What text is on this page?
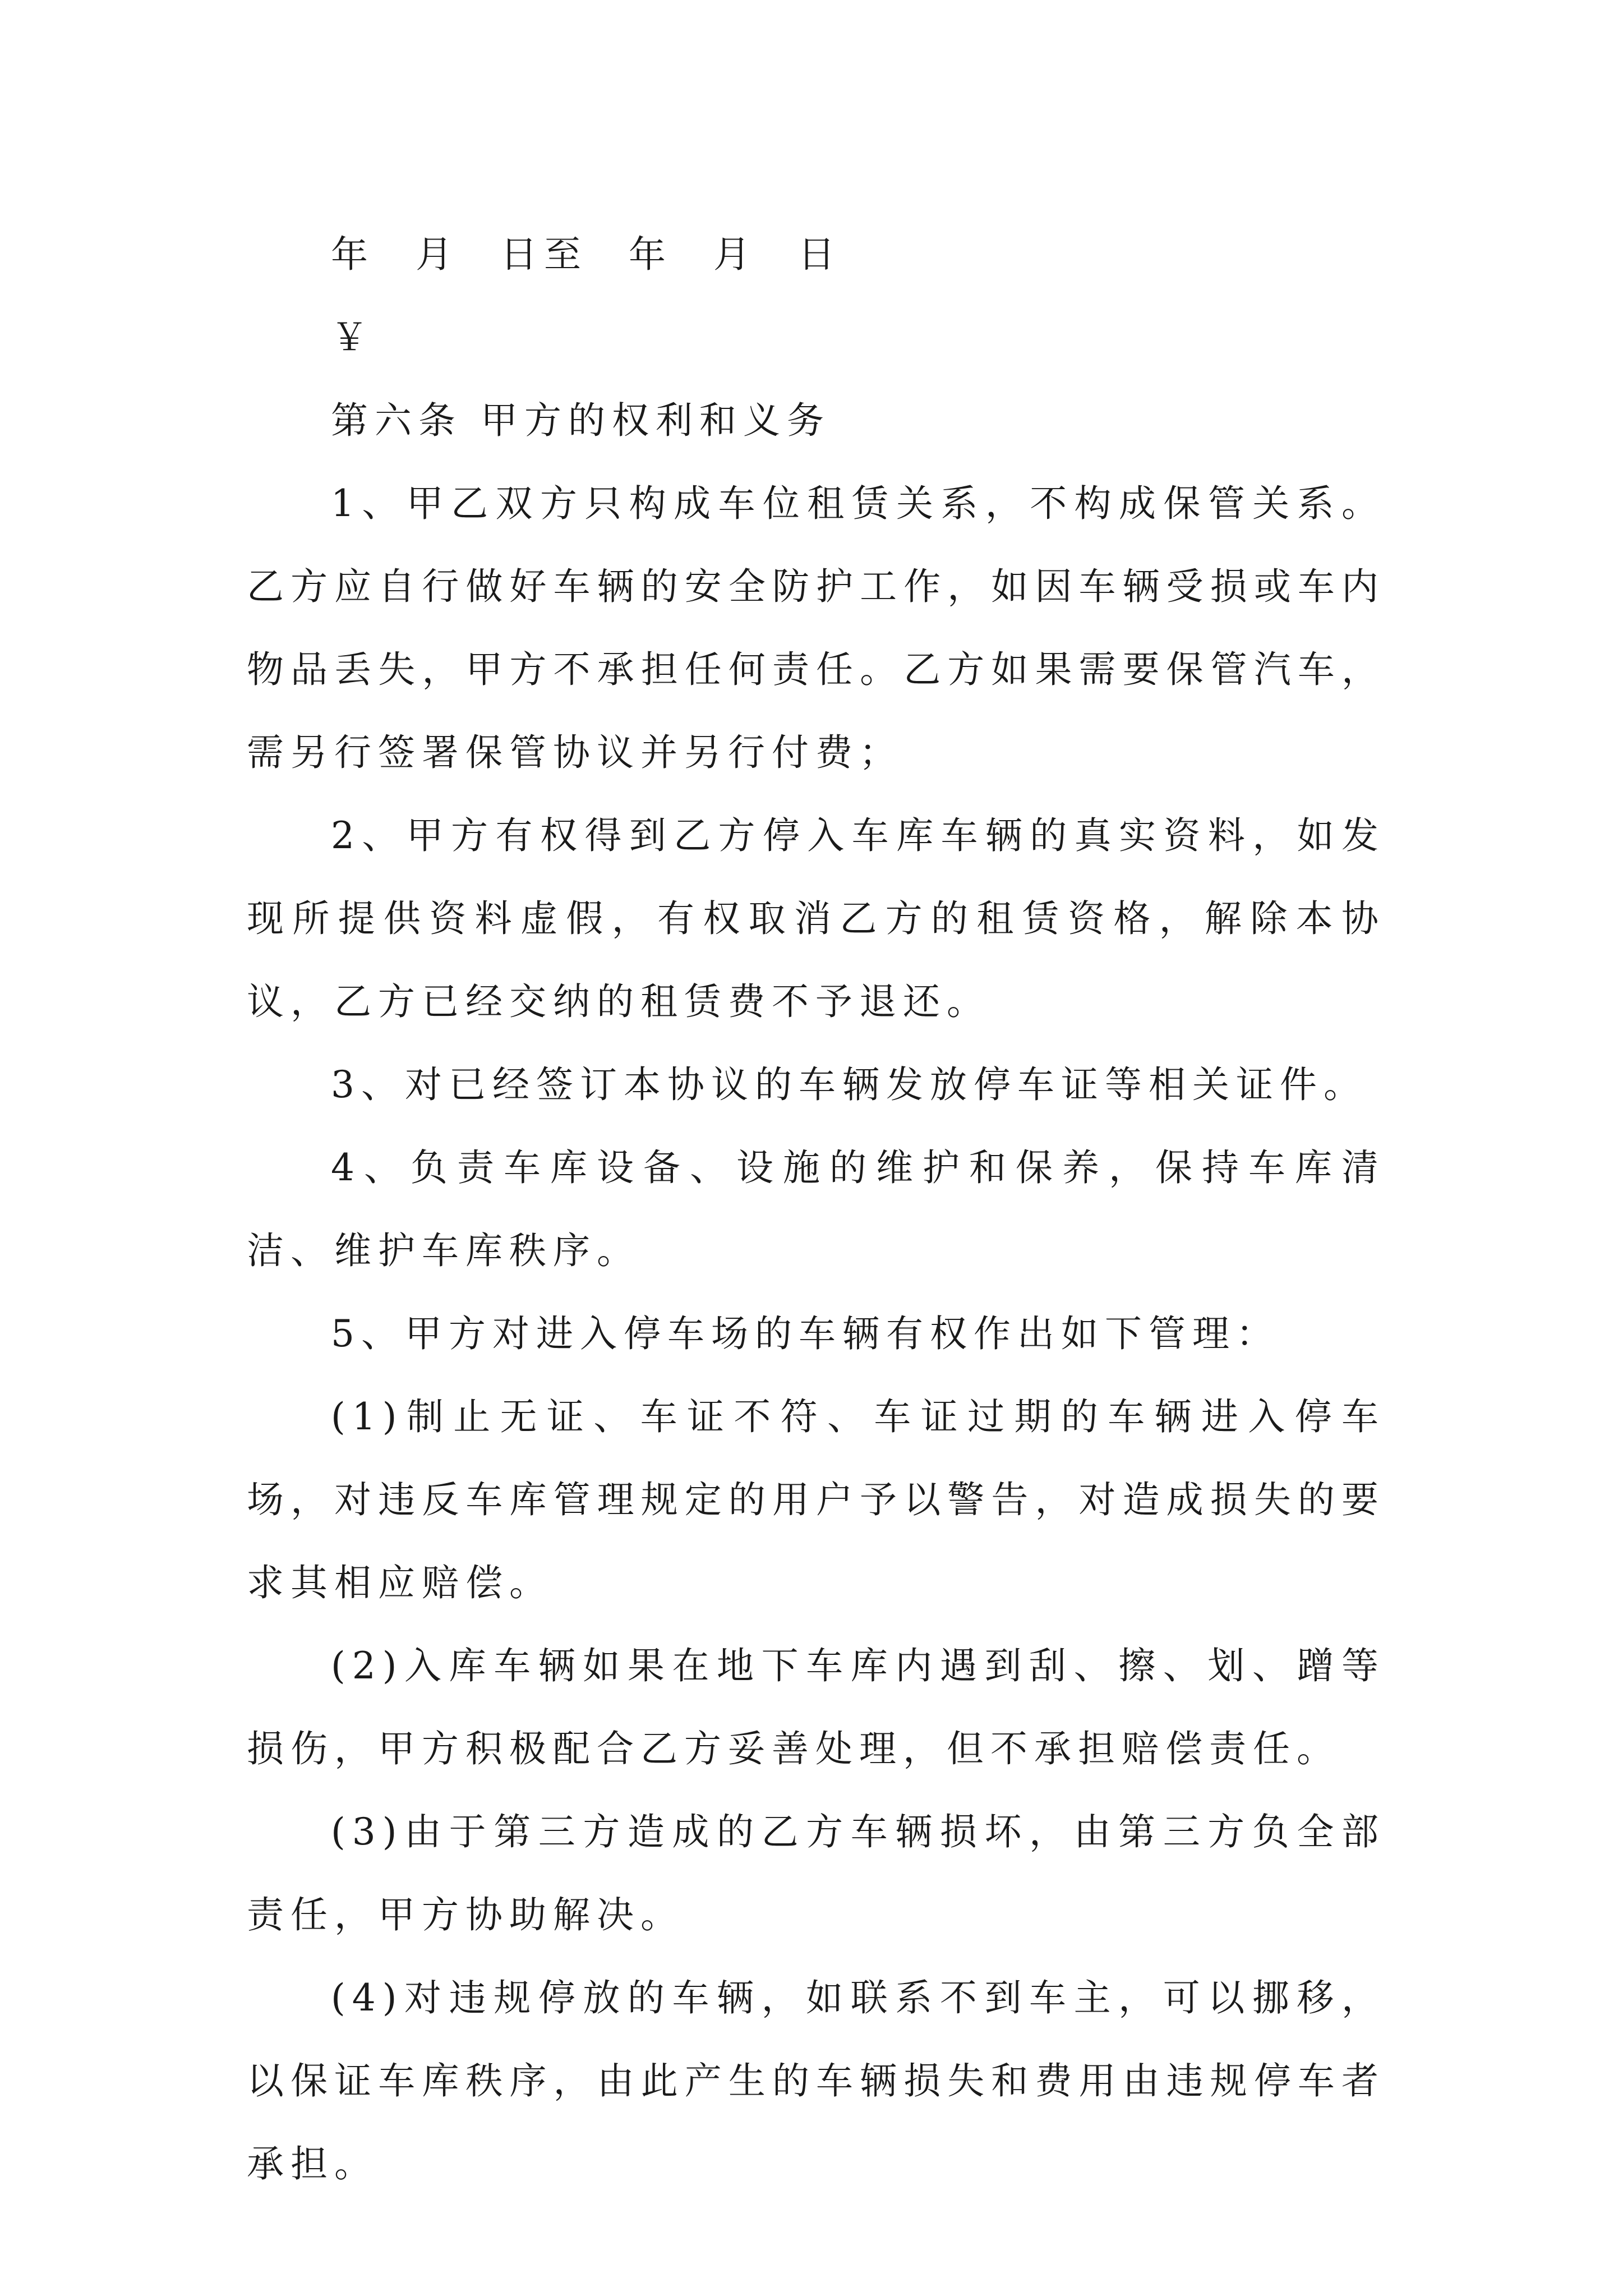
年 月 日至 年 月 日

￥

第六条 甲方的权利和义务

1、甲乙双方只构成车位租赁关系，不构成保管关系。乙方应自行做好车辆的安全防护工作，如因车辆受损或车内物品丢失，甲方不承担任何责任。乙方如果需要保管汽车，需另行签署保管协议并另行付费；

2、甲方有权得到乙方停入车库车辆的真实资料，如发现所提供资料虚假，有权取消乙方的租赁资格，解除本协议，乙方已经交纳的租赁费不予退还。

3、对已经签订本协议的车辆发放停车证等相关证件。

4、负责车库设备、设施的维护和保养，保持车库清洁、维护车库秩序。

5、甲方对进入停车场的车辆有权作出如下管理：

(1)制止无证、车证不符、车证过期的车辆进入停车场，对违反车库管理规定的用户予以警告，对造成损失的要求其相应赔偿。

(2)入库车辆如果在地下车库内遇到刮、擦、划、蹭等损伤，甲方积极配合乙方妥善处理，但不承担赔偿责任。

(3)由于第三方造成的乙方车辆损坏，由第三方负全部责任，甲方协助解决。

(4)对违规停放的车辆，如联系不到车主，可以挪移，以保证车库秩序，由此产生的车辆损失和费用由违规停车者承担。
